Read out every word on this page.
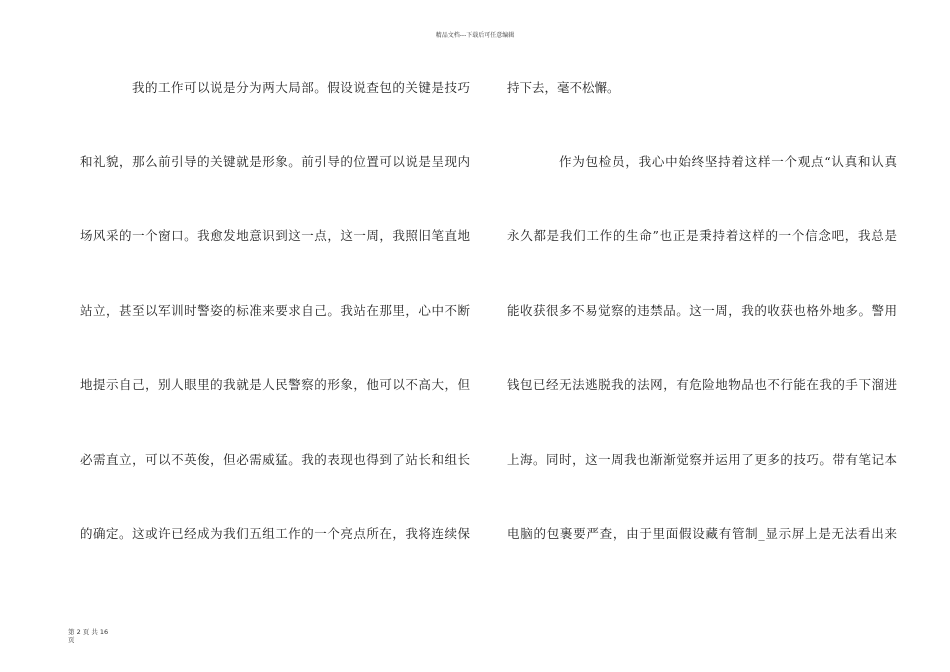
精品文档---下载后可任意编辑
我的工作可以说是分为两大局部。假设说查包的关键是技巧
和礼貌，那么前引导的关键就是形象。前引导的位置可以说是呈现内
场风采的一个窗口。我愈发地意识到这一点，这一周，我照旧笔直地
站立，甚至以军训时警姿的标准来要求自己。我站在那里，心中不断
地提示自己，别人眼里的我就是人民警察的形象，他可以不高大，但
必需直立，可以不英俊，但必需威猛。我的表现也得到了站长和组长
的确定。这或许已经成为我们五组工作的一个亮点所在，我将连续保
持下去，毫不松懈。
作为包检员，我心中始终坚持着这样一个观点“认真和认真
永久都是我们工作的生命”也正是秉持着这样的一个信念吧，我总是
能收获很多不易觉察的违禁品。这一周，我的收获也格外地多。警用
钱包已经无法逃脱我的法网，有危险地物品也不行能在我的手下溜进
上海。同时，这一周我也渐渐觉察并运用了更多的技巧。带有笔记本
电脑的包裹要严查，由于里面假设藏有管制_显示屏上是无法看出来
第 2 页 共 16
页
